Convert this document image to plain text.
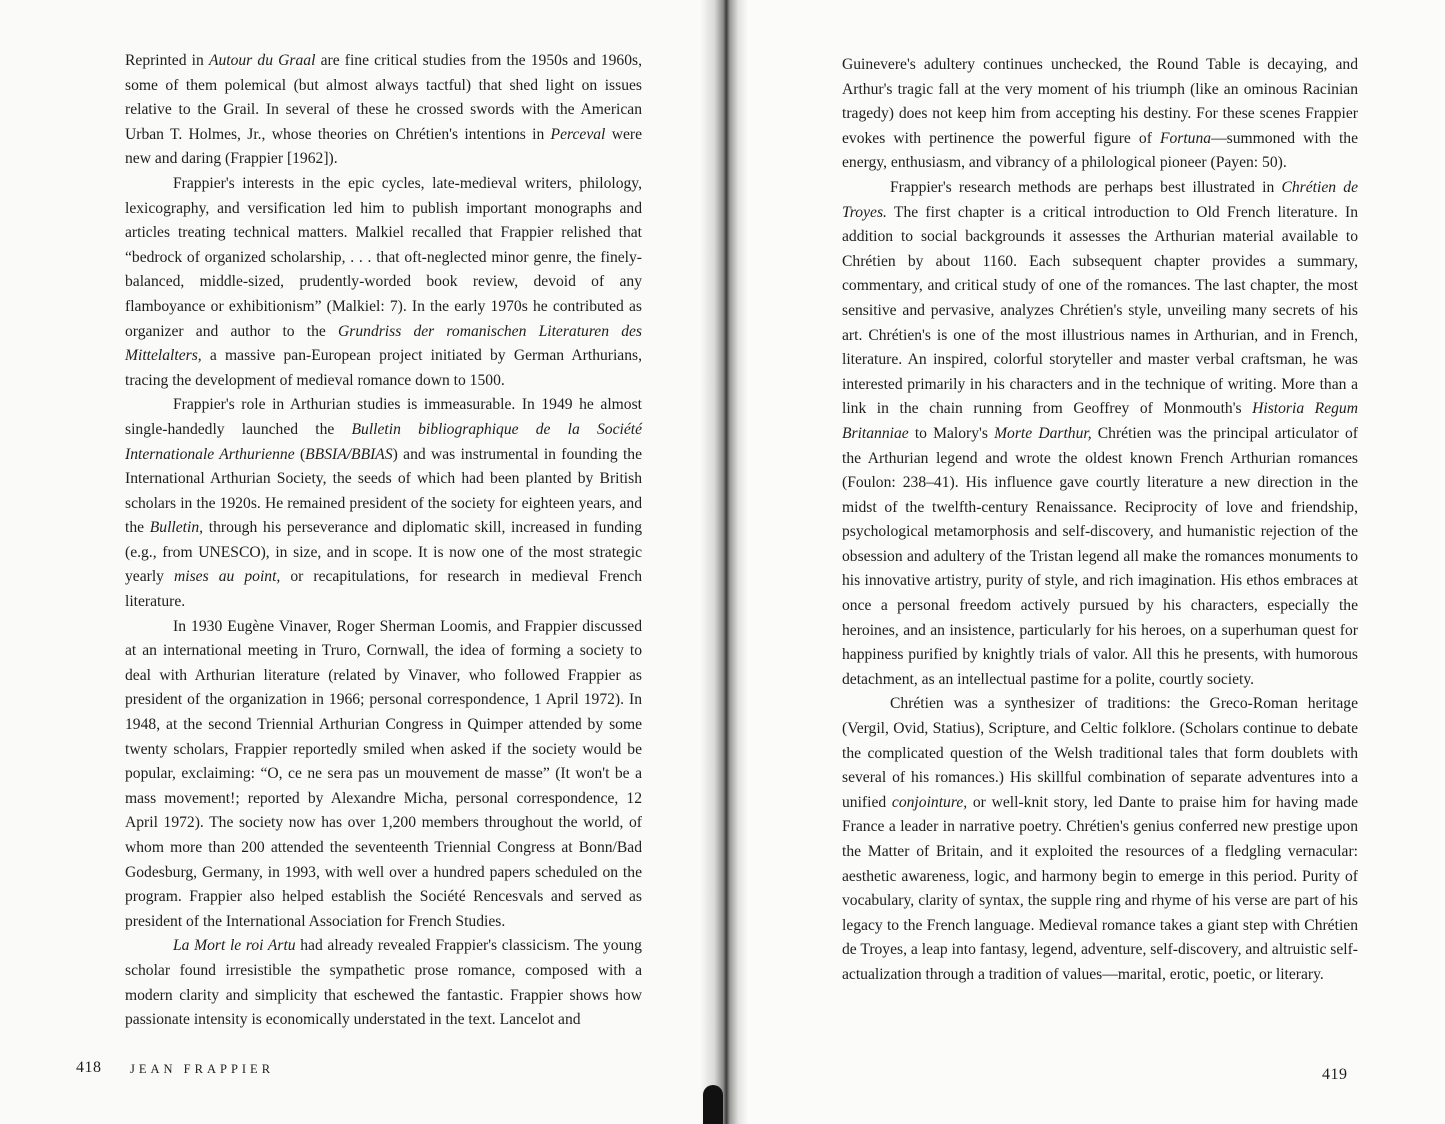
Reprinted in Autour du Graal are fine critical studies from the 1950s and 1960s, some of them polemical (but almost always tactful) that shed light on issues relative to the Grail. In several of these he crossed swords with the American Urban T. Holmes, Jr., whose theories on Chrétien's intentions in Perceval were new and daring (Frappier [1962]).

Frappier's interests in the epic cycles, late-medieval writers, philology, lexicography, and versification led him to publish important monographs and articles treating technical matters. Malkiel recalled that Frappier relished that “bedrock of organized scholarship, . . . that oft-neglected minor genre, the finely-balanced, middle-sized, prudently-worded book review, devoid of any flamboyance or exhibitionism” (Malkiel: 7). In the early 1970s he contributed as organizer and author to the Grundriss der romanischen Literaturen des Mittelalters, a massive pan-European project initiated by German Arthurians, tracing the development of medieval romance down to 1500.

Frappier's role in Arthurian studies is immeasurable. In 1949 he almost single-handedly launched the Bulletin bibliographique de la Société Internationale Arthurienne (BBSIA/BBIAS) and was instrumental in founding the International Arthurian Society, the seeds of which had been planted by British scholars in the 1920s. He remained president of the society for eighteen years, and the Bulletin, through his perseverance and diplomatic skill, increased in funding (e.g., from UNESCO), in size, and in scope. It is now one of the most strategic yearly mises au point, or recapitulations, for research in medieval French literature.

In 1930 Eugène Vinaver, Roger Sherman Loomis, and Frappier discussed at an international meeting in Truro, Cornwall, the idea of forming a society to deal with Arthurian literature (related by Vinaver, who followed Frappier as president of the organization in 1966; personal correspondence, 1 April 1972). In 1948, at the second Triennial Arthurian Congress in Quimper attended by some twenty scholars, Frappier reportedly smiled when asked if the society would be popular, exclaiming: “O, ce ne sera pas un mouvement de masse” (It won't be a mass movement!; reported by Alexandre Micha, personal correspondence, 12 April 1972). The society now has over 1,200 members throughout the world, of whom more than 200 attended the seventeenth Triennial Congress at Bonn/Bad Godesburg, Germany, in 1993, with well over a hundred papers scheduled on the program. Frappier also helped establish the Société Rencesvals and served as president of the International Association for French Studies.

La Mort le roi Artu had already revealed Frappier's classicism. The young scholar found irresistible the sympathetic prose romance, composed with a modern clarity and simplicity that eschewed the fantastic. Frappier shows how passionate intensity is economically understated in the text. Lancelot and

418 JEAN FRAPPIER	419

Guinevere's adultery continues unchecked, the Round Table is decaying, and Arthur's tragic fall at the very moment of his triumph (like an ominous Racinian tragedy) does not keep him from accepting his destiny. For these scenes Frappier evokes with pertinence the powerful figure of Fortuna—summoned with the energy, enthusiasm, and vibrancy of a philological pioneer (Payen: 50).

Frappier's research methods are perhaps best illustrated in Chrétien de Troyes. The first chapter is a critical introduction to Old French literature. In addition to social backgrounds it assesses the Arthurian material available to Chrétien by about 1160. Each subsequent chapter provides a summary, commentary, and critical study of one of the romances. The last chapter, the most sensitive and pervasive, analyzes Chrétien's style, unveiling many secrets of his art. Chrétien's is one of the most illustrious names in Arthurian, and in French, literature. An inspired, colorful storyteller and master verbal craftsman, he was interested primarily in his characters and in the technique of writing. More than a link in the chain running from Geoffrey of Monmouth's Historia Regum Britanniae to Malory's Morte Darthur, Chrétien was the principal articulator of the Arthurian legend and wrote the oldest known French Arthurian romances (Foulon: 238–41). His influence gave courtly literature a new direction in the midst of the twelfth-century Renaissance. Reciprocity of love and friendship, psychological metamorphosis and self-discovery, and humanistic rejection of the obsession and adultery of the Tristan legend all make the romances monuments to his innovative artistry, purity of style, and rich imagination. His ethos embraces at once a personal freedom actively pursued by his characters, especially the heroines, and an insistence, particularly for his heroes, on a superhuman quest for happiness purified by knightly trials of valor. All this he presents, with humorous detachment, as an intellectual pastime for a polite, courtly society.

Chrétien was a synthesizer of traditions: the Greco-Roman heritage (Vergil, Ovid, Statius), Scripture, and Celtic folklore. (Scholars continue to debate the complicated question of the Welsh traditional tales that form doublets with several of his romances.) His skillful combination of separate adventures into a unified conjointure, or well-knit story, led Dante to praise him for having made France a leader in narrative poetry. Chrétien's genius conferred new prestige upon the Matter of Britain, and it exploited the resources of a fledgling vernacular: aesthetic awareness, logic, and harmony begin to emerge in this period. Purity of vocabulary, clarity of syntax, the supple ring and rhyme of his verse are part of his legacy to the French language. Medieval romance takes a giant step with Chrétien de Troyes, a leap into fantasy, legend, adventure, self-discovery, and altruistic self-actualization through a tradition of values—marital, erotic, poetic, or literary.
